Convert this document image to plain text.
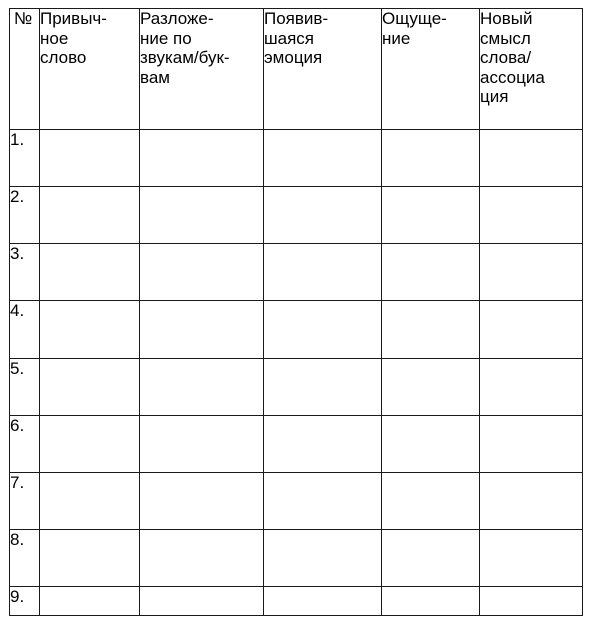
№	Привыч-
ное
слово	Разложе-
ние по
звукам/бук-
вам	Появив-
шаяся
эмоция	Ощуще-
ние	Новый
смысл
слова/
ассоциа
ция
1.					
2.					
3.					
4.					
5.					
6.					
7.					
8.					
9.					
